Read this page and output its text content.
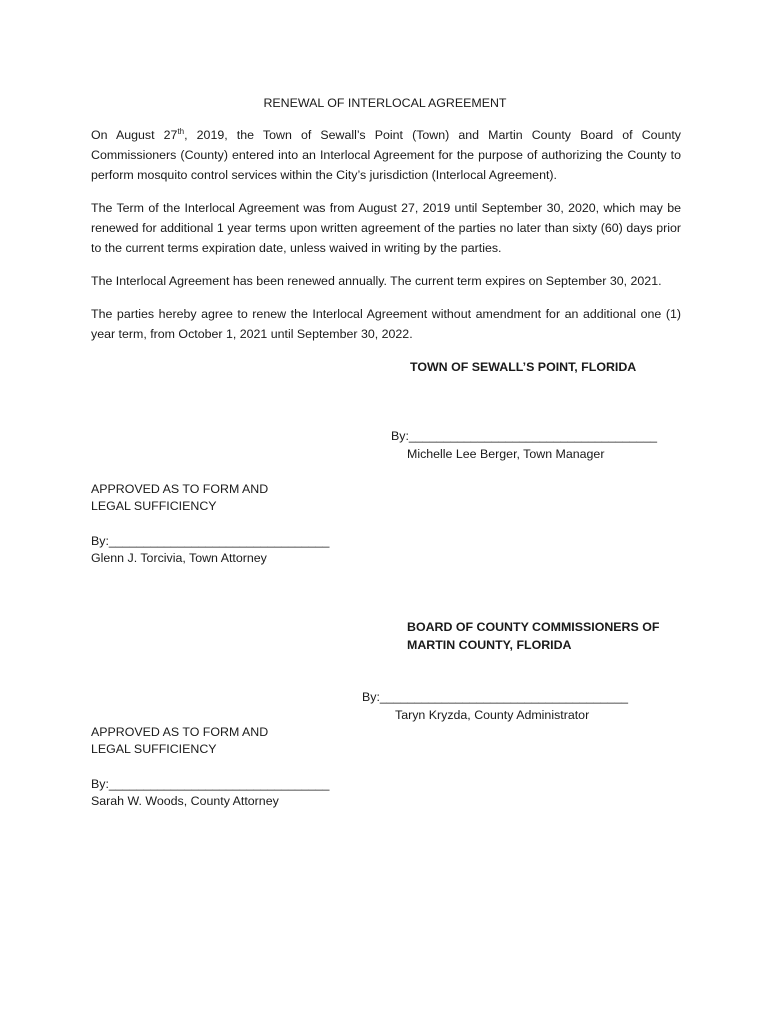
RENEWAL OF INTERLOCAL AGREEMENT
On August 27th, 2019, the Town of Sewall’s Point (Town) and Martin County Board of County Commissioners (County) entered into an Interlocal Agreement for the purpose of authorizing the County to perform mosquito control services within the City’s jurisdiction (Interlocal Agreement).
The Term of the Interlocal Agreement was from August 27, 2019 until September 30, 2020, which may be renewed for additional 1 year terms upon written agreement of the parties no later than sixty (60) days prior to the current terms expiration date, unless waived in writing by the parties.
The Interlocal Agreement has been renewed annually. The current term expires on September 30, 2021.
The parties hereby agree to renew the Interlocal Agreement without amendment for an additional one (1) year term, from October 1, 2021 until September 30, 2022.
TOWN OF SEWALL’S POINT, FLORIDA
By:____________________________________
Michelle Lee Berger, Town Manager
APPROVED AS TO FORM AND
LEGAL SUFFICIENCY
By:________________________________
Glenn J. Torcivia, Town Attorney
BOARD OF COUNTY COMMISSIONERS OF
MARTIN COUNTY, FLORIDA
By:____________________________________
Taryn Kryzda, County Administrator
APPROVED AS TO FORM AND
LEGAL SUFFICIENCY
By:________________________________
Sarah W. Woods, County Attorney
